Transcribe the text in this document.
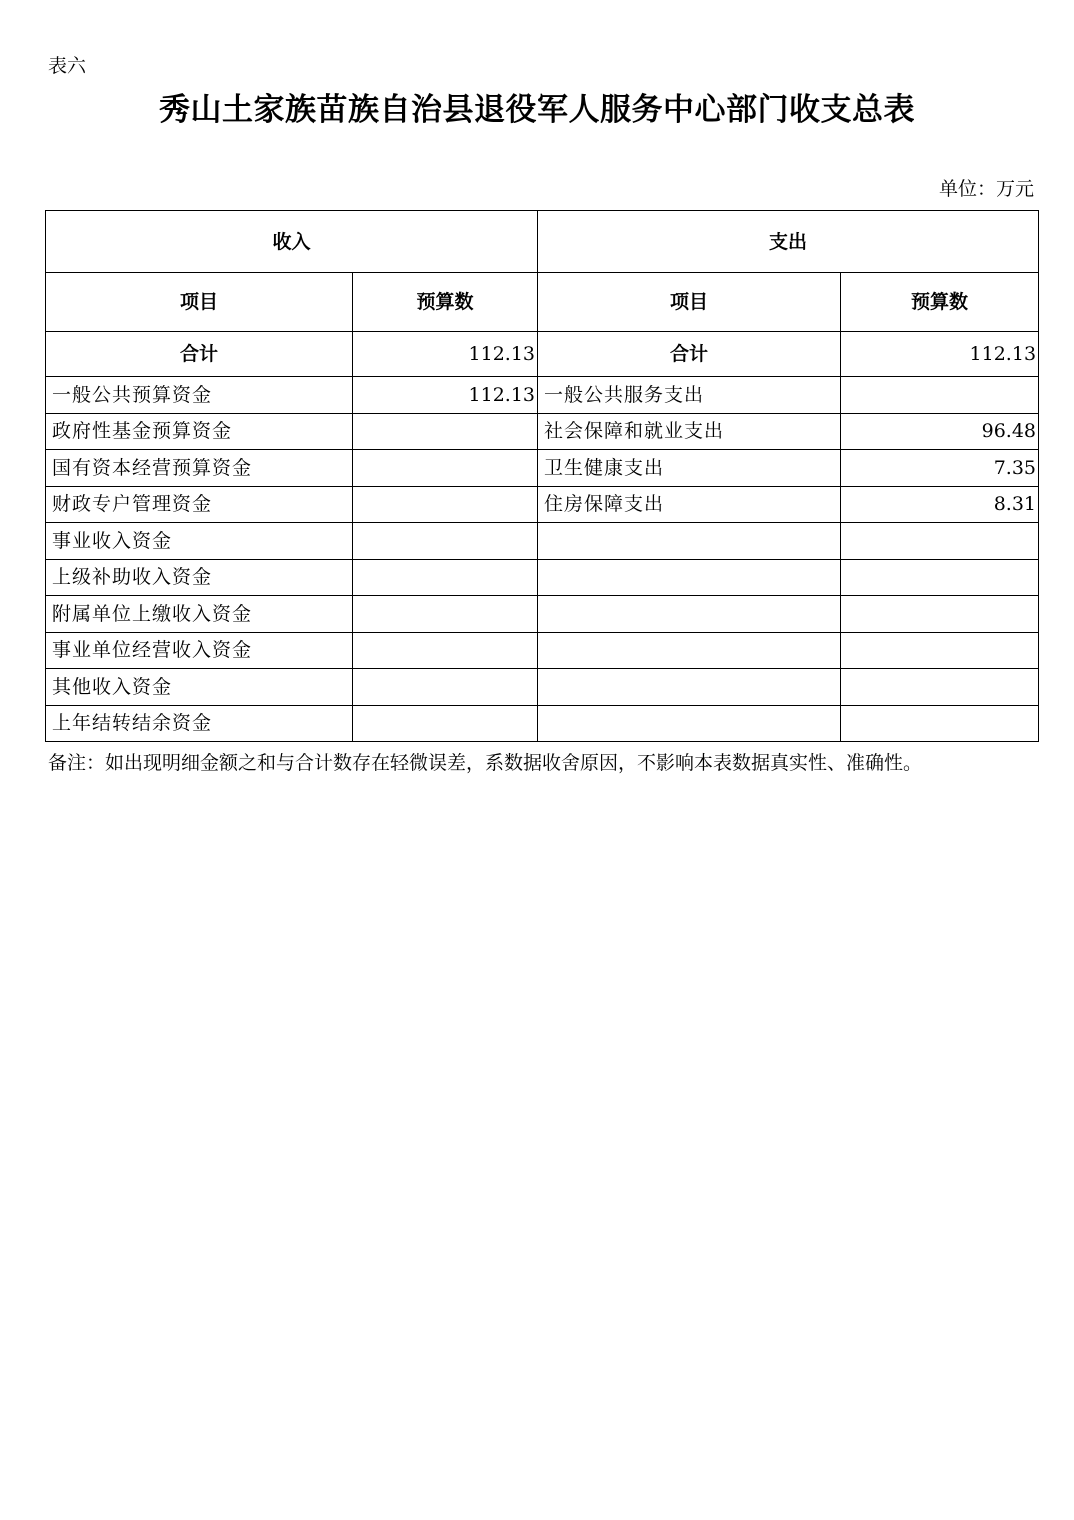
表六
秀山土家族苗族自治县退役军人服务中心部门收支总表
单位：万元
收入		支出	
项目	预算数	项目	预算数
合计	112.13	合计	112.13
一般公共预算资金	112.13	一般公共服务支出	
政府性基金预算资金		社会保障和就业支出	96.48
国有资本经营预算资金		卫生健康支出	7.35
财政专户管理资金		住房保障支出	8.31
事业收入资金			
上级补助收入资金			
附属单位上缴收入资金			
事业单位经营收入资金			
其他收入资金			
上年结转结余资金			
备注：如出现明细金额之和与合计数存在轻微误差，系数据收舍原因，不影响本表数据真实性、准确性。
